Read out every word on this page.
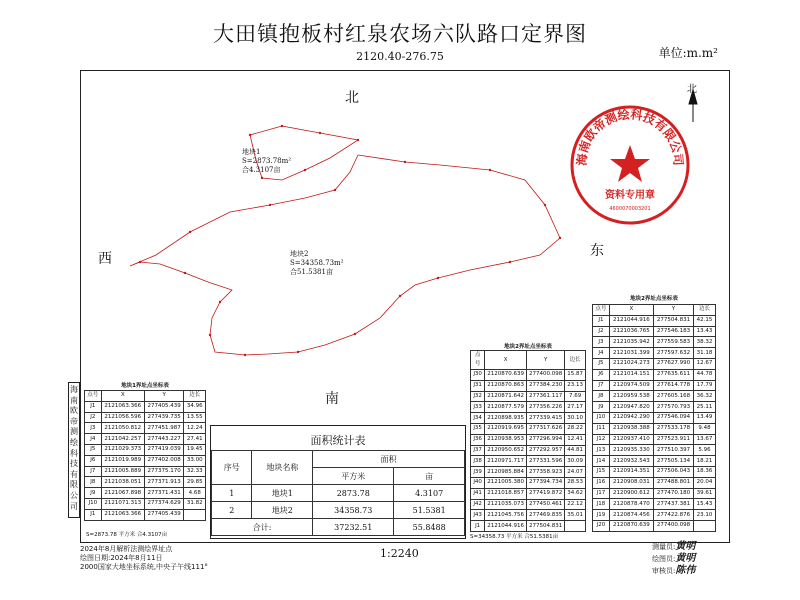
大田镇抱板村红泉农场六队路口定界图
2120.40-276.75	单位:m.m²
北
西	东
南
北
地块1
S=2873.78m²
合4.3107亩
地块2
S=34358.73m²
合51.5381亩
海南欧帝测绘科技有限公司
资料专用章
4600070003201
海
南
欧
帝
测
绘
科
技
有
限
公
司
地块1界址点坐标表
点号	X	Y	边长
J1	2121063.366	277405.439	34.96
J2	2121056.596	277439.735	13.55
J3	2121050.812	277451.987	12.24
J4	2121042.257	277443.227	27.41
J5	2121029.373	277419.039	19.45
J6	2121019.989	277402.008	33.00
J7	2121005.889	277375.170	32.33
J8	2121038.051	277371.913	29.85
J9	2121067.898	277371.431	4.68
J10	2121071.313	277374.629	31.82
J1	2121063.366	277405.439	
S=2873.78 平方米 合4.3107亩
地块2界址点坐标表
点号	X	Y	边长
J30	2120870.639	277400.098	15.87
J31	2120870.863	277384.230	23.13
J32	2120871.642	277361.117	7.69
J33	2120877.579	277356.226	27.17
J34	2120898.935	277339.415	30.10
J35	2120919.695	277317.626	28.22
J36	2120938.953	277296.994	12.41
J37	2120950.652	277292.957	44.81
J38	2120971.717	277331.596	30.09
J39	2120985.884	277358.923	24.07
J40	2121005.380	277394.734	28.53
J41	2121018.857	277419.872	34.62
J42	2121035.073	277450.461	22.12
J43	2121045.756	277469.835	35.01
J1	2121044.916	277504.831	
S=34358.73 平方米 合51.5381亩
地块2界址点坐标表
点号	X	Y	边长
J1	2121044.916	277504.831	42.15
J2	2121036.765	277546.183	13.43
J3	2121035.942	277559.583	38.32
J4	2121031.399	277597.632	31.18
J5	2121024.273	277627.990	12.67
J6	2121014.151	277635.611	44.78
J7	2120974.509	277614.778	17.79
J8	2120959.538	277605.168	36.32
J9	2120947.820	277570.793	25.11
J10	2120942.290	277546.094	13.49
J11	2120938.388	277533.178	9.48
J12	2120937.410	277523.911	13.67
J13	2120935.330	277510.397	5.96
J14	2120932.543	277505.134	18.21
J15	2120914.351	277506.043	18.36
J16	2120908.031	277488.801	20.04
J17	2120900.612	277470.180	39.61
J18	2120878.470	277437.381	15.43
J19	2120874.456	277422.876	23.10
J20	2120870.639	277400.098	
面积统计表
序号	地块名称	面积	
		平方米	亩
1	地块1	2873.78	4.3107
2	地块2	34358.73	51.5381
合计:		37232.51	55.8488
2024年8月解析法测绘界址点
绘图日期:2024年8月11日
2000国家大地坐标系统,中央子午线111°
1:2240	测量员:黄明
绘图员:黄明
审核员:陈伟
